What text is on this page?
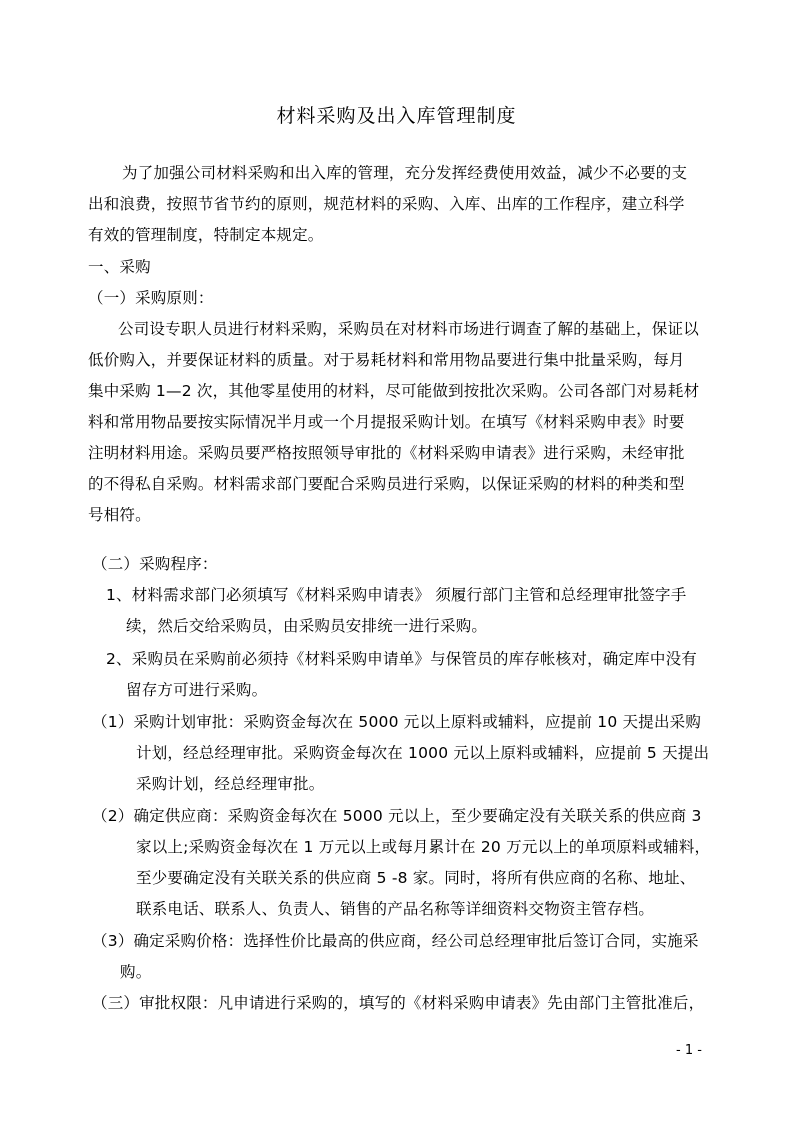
材料采购及出入库管理制度
为了加强公司材料采购和出入库的管理，充分发挥经费使用效益，减少不必要的支
出和浪费，按照节省节约的原则，规范材料的采购、入库、出库的工作程序，建立科学
有效的管理制度，特制定本规定。
一、采购
（一）采购原则：
公司设专职人员进行材料采购，采购员在对材料市场进行调查了解的基础上，保证以
低价购入，并要保证材料的质量。对于易耗材料和常用物品要进行集中批量采购，每月
集中采购 1—2 次，其他零星使用的材料，尽可能做到按批次采购。公司各部门对易耗材
料和常用物品要按实际情况半月或一个月提报采购计划。在填写《材料采购申表》时要
注明材料用途。采购员要严格按照领导审批的《材料采购申请表》进行采购，未经审批
的不得私自采购。材料需求部门要配合采购员进行采购，以保证采购的材料的种类和型
号相符。
（二）采购程序：
1、材料需求部门必须填写《材料采购申请表》 须履行部门主管和总经理审批签字手
续，然后交给采购员，由采购员安排统一进行采购。
2、采购员在采购前必须持《材料采购申请单》与保管员的库存帐核对，确定库中没有
留存方可进行采购。
（1）采购计划审批：采购资金每次在 5000 元以上原料或辅料，应提前 10 天提出采购
计划，经总经理审批。采购资金每次在 1000 元以上原料或辅料，应提前 5 天提出
采购计划，经总经理审批。
（2）确定供应商：采购资金每次在 5000 元以上，至少要确定没有关联关系的供应商 3
家以上;采购资金每次在 1 万元以上或每月累计在 20 万元以上的单项原料或辅料，
至少要确定没有关联关系的供应商 5 -8 家。同时，将所有供应商的名称、地址、
联系电话、联系人、负责人、销售的产品名称等详细资料交物资主管存档。
（3）确定采购价格：选择性价比最高的供应商，经公司总经理审批后签订合同，实施采
购。
（三）审批权限：凡申请进行采购的，填写的《材料采购申请表》先由部门主管批准后，
- 1 -
